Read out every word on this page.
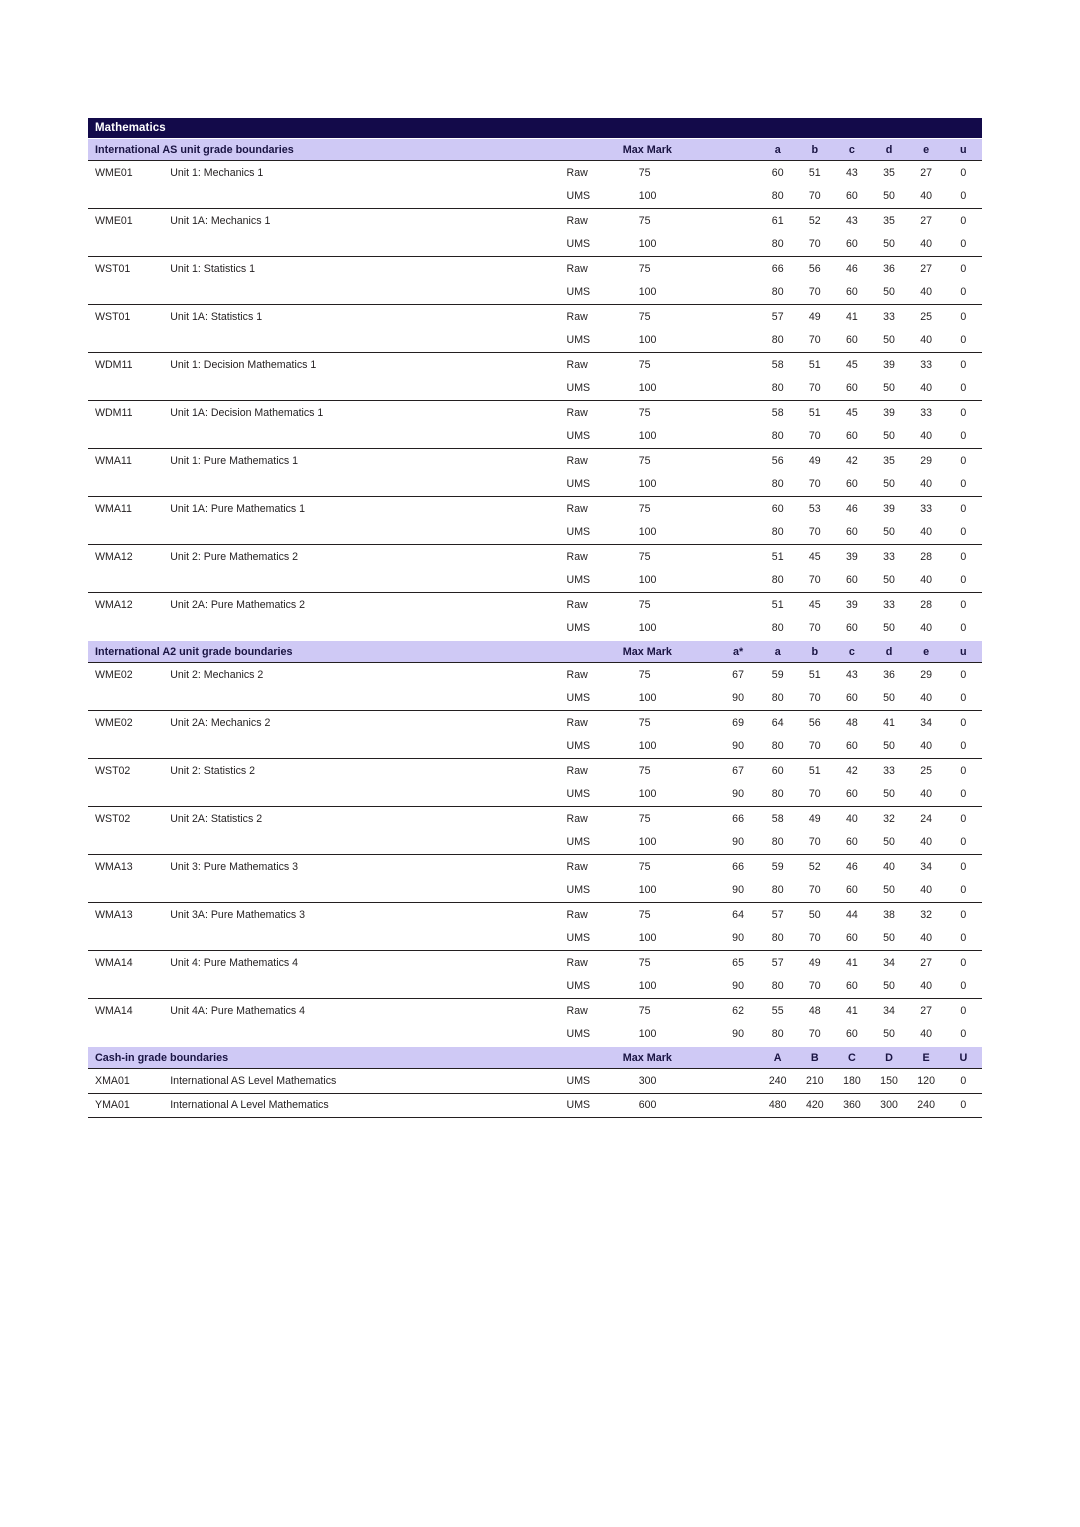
Mathematics										
International AS unit grade boundaries			Max Mark		a	b	c	d	e	u
WME01	Unit 1: Mechanics 1	Raw	75		60	51	43	35	27	0
		UMS	100		80	70	60	50	40	0
WME01	Unit 1A: Mechanics 1	Raw	75		61	52	43	35	27	0
		UMS	100		80	70	60	50	40	0
WST01	Unit 1: Statistics 1	Raw	75		66	56	46	36	27	0
		UMS	100		80	70	60	50	40	0
WST01	Unit 1A: Statistics 1	Raw	75		57	49	41	33	25	0
		UMS	100		80	70	60	50	40	0
WDM11	Unit 1: Decision Mathematics 1	Raw	75		58	51	45	39	33	0
		UMS	100		80	70	60	50	40	0
WDM11	Unit 1A: Decision Mathematics 1	Raw	75		58	51	45	39	33	0
		UMS	100		80	70	60	50	40	0
WMA11	Unit 1: Pure Mathematics 1	Raw	75		56	49	42	35	29	0
		UMS	100		80	70	60	50	40	0
WMA11	Unit 1A: Pure Mathematics 1	Raw	75		60	53	46	39	33	0
		UMS	100		80	70	60	50	40	0
WMA12	Unit 2: Pure Mathematics 2	Raw	75		51	45	39	33	28	0
		UMS	100		80	70	60	50	40	0
WMA12	Unit 2A: Pure Mathematics 2	Raw	75		51	45	39	33	28	0
		UMS	100		80	70	60	50	40	0
International A2 unit grade boundaries			Max Mark	a*	a	b	c	d	e	u
WME02	Unit 2: Mechanics 2	Raw	75	67	59	51	43	36	29	0
		UMS	100	90	80	70	60	50	40	0
WME02	Unit 2A: Mechanics 2	Raw	75	69	64	56	48	41	34	0
		UMS	100	90	80	70	60	50	40	0
WST02	Unit 2: Statistics 2	Raw	75	67	60	51	42	33	25	0
		UMS	100	90	80	70	60	50	40	0
WST02	Unit 2A: Statistics 2	Raw	75	66	58	49	40	32	24	0
		UMS	100	90	80	70	60	50	40	0
WMA13	Unit 3: Pure Mathematics 3	Raw	75	66	59	52	46	40	34	0
		UMS	100	90	80	70	60	50	40	0
WMA13	Unit 3A: Pure Mathematics 3	Raw	75	64	57	50	44	38	32	0
		UMS	100	90	80	70	60	50	40	0
WMA14	Unit 4: Pure Mathematics 4	Raw	75	65	57	49	41	34	27	0
		UMS	100	90	80	70	60	50	40	0
WMA14	Unit 4A: Pure Mathematics 4	Raw	75	62	55	48	41	34	27	0
		UMS	100	90	80	70	60	50	40	0
Cash-in grade boundaries			Max Mark		A	B	C	D	E	U
XMA01	International AS Level Mathematics	UMS	300		240	210	180	150	120	0
YMA01	International A Level Mathematics	UMS	600		480	420	360	300	240	0
